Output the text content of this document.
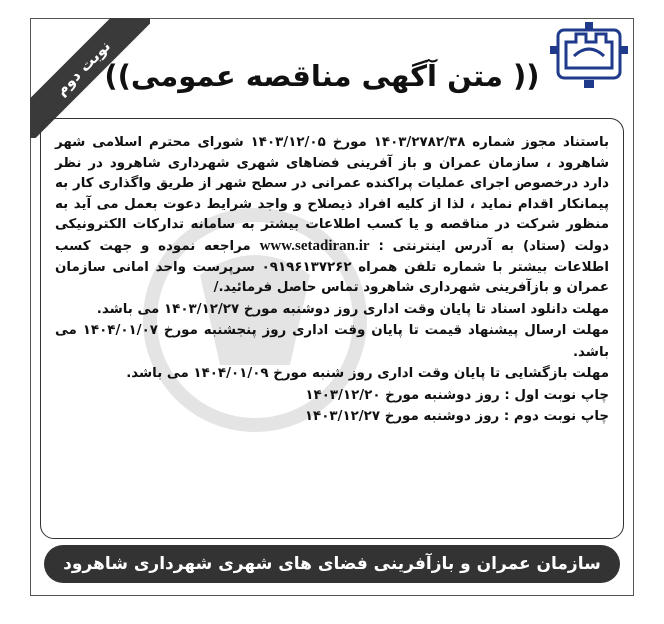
نوبت دوم
(( متن آگهی مناقصه عمومی))

باستناد مجوز شماره ۱۴۰۳/۲۷۸۲/۳۸ مورخ ۱۴۰۳/۱۲/۰۵ شورای محترم اسلامی شهر شاهرود ، سازمان عمران و باز آفرینی فضاهای شهری شهرداری شاهرود در نظر دارد درخصوص اجرای عملیات پراکنده عمرانی در سطح شهر از طریق واگذاری کار به پیمانکار اقدام نماید ، لذا از کلیه افراد ذیصلاح و واجد شرایط دعوت بعمل می آید به منظور شرکت در مناقصه و یا کسب اطلاعات بیشتر به سامانه تدارکات الکترونیکی دولت (ستاد) به آدرس اینترنتی : www.setadiran.ir مراجعه نموده و جهت کسب اطلاعات بیشتر با شماره تلفن همراه ۰۹۱۹۶۱۳۷۲۶۲ سرپرست واحد امانی سازمان عمران و بازآفرینی شهرداری شاهرود تماس حاصل فرمائید./

مهلت دانلود اسناد تا پایان وقت اداری روز دوشنبه مورخ ۱۴۰۳/۱۲/۲۷ می باشد.
مهلت ارسال پیشنهاد قیمت تا پایان وقت اداری روز پنجشنبه مورخ ۱۴۰۴/۰۱/۰۷ می باشد.
مهلت بازگشایی تا پایان وقت اداری روز شنبه مورخ ۱۴۰۴/۰۱/۰۹ می باشد.
چاپ نوبت اول : روز دوشنبه مورخ ۱۴۰۳/۱۲/۲۰
چاپ نوبت دوم : روز دوشنبه مورخ ۱۴۰۳/۱۲/۲۷
سازمان عمران و بازآفرینی فضای های شهری شهرداری شاهرود
